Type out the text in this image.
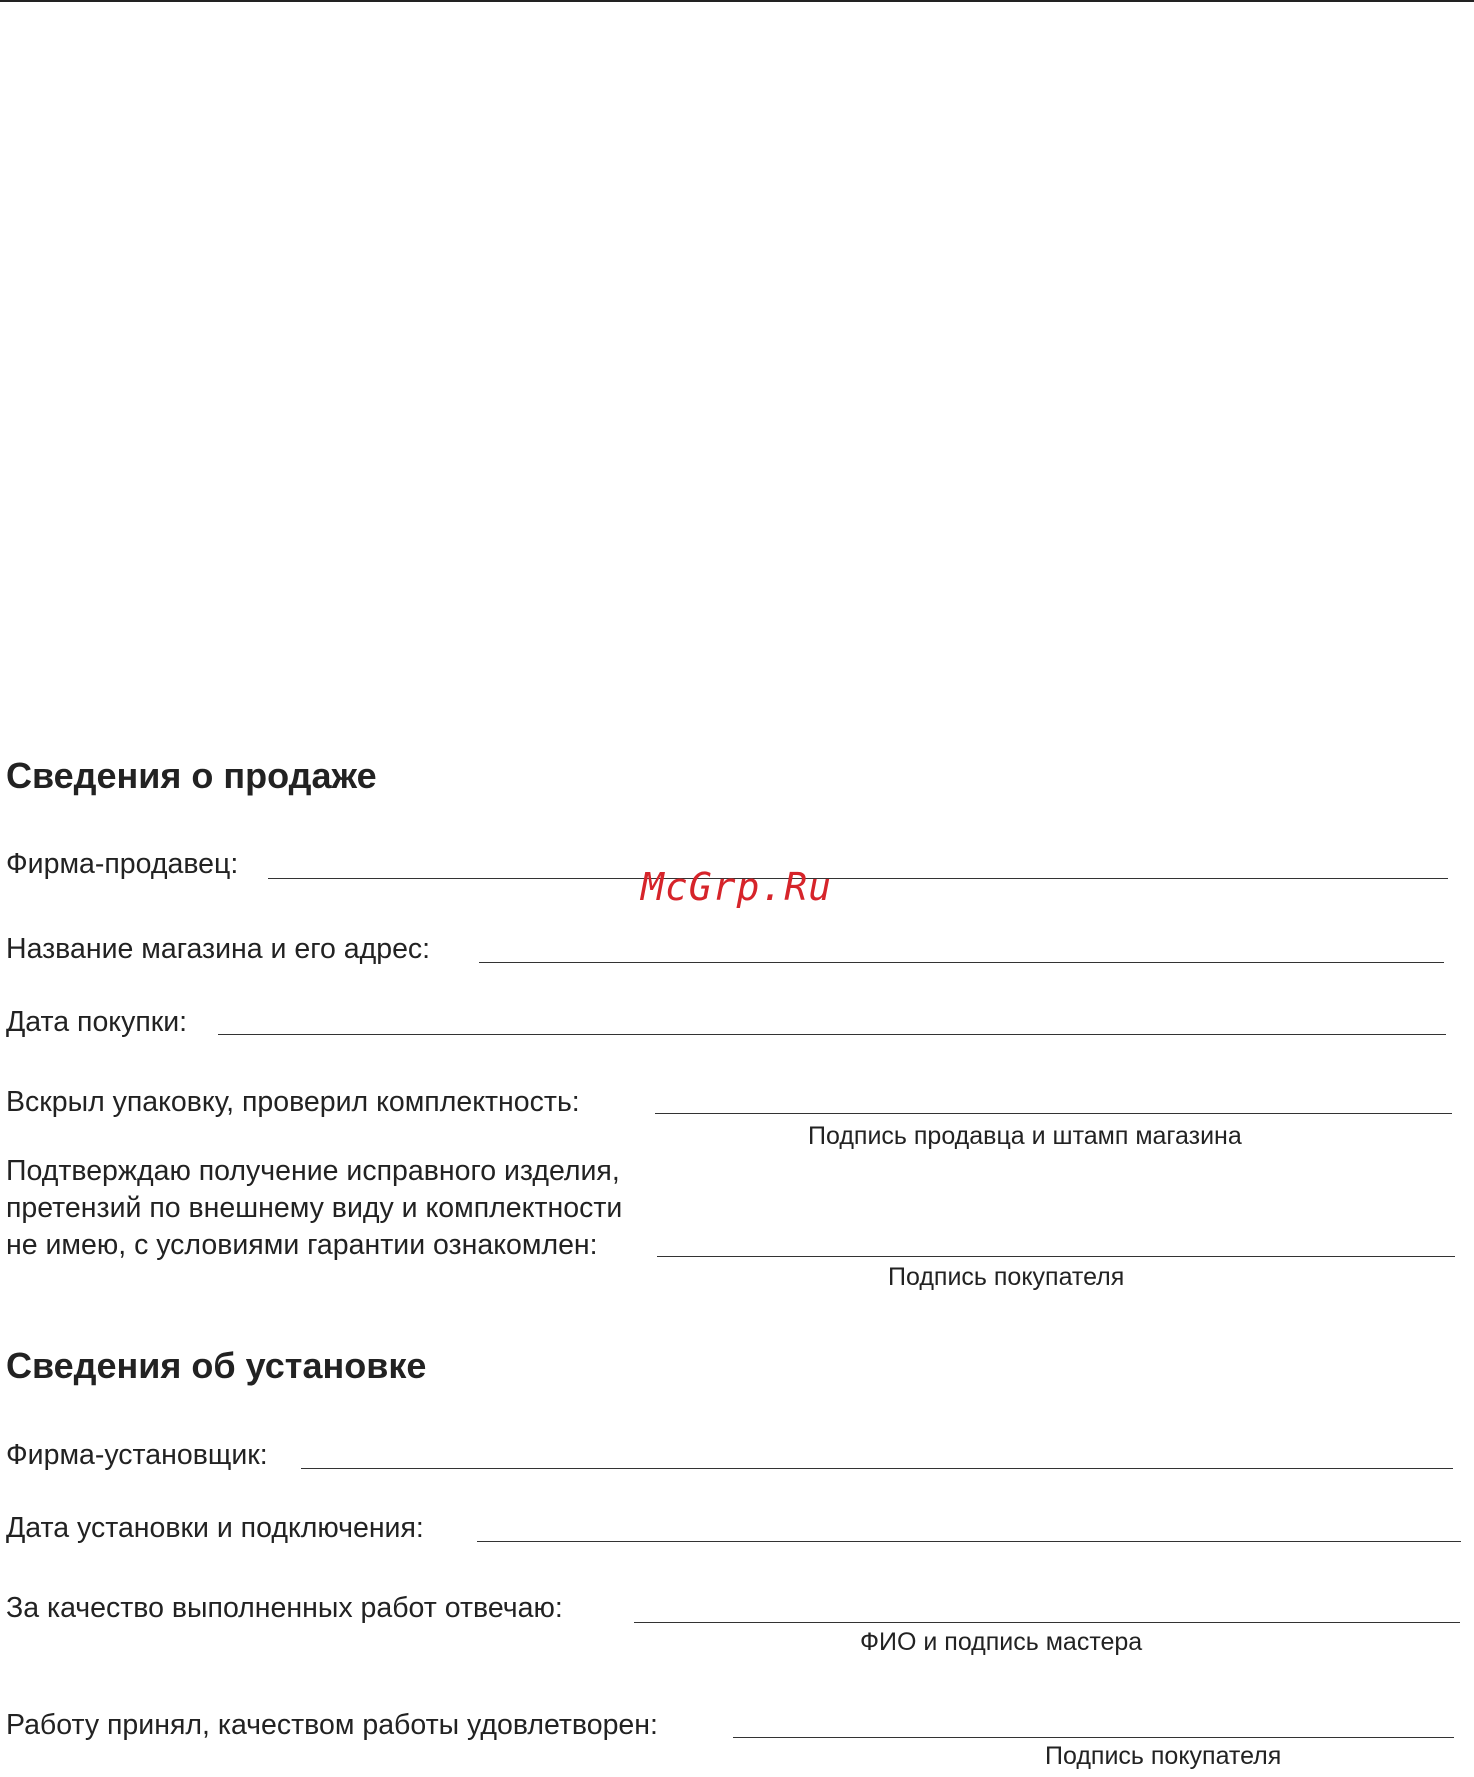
Сведения о продаже
Фирма-продавец:
Название магазина и его адрес:
Дата покупки:
Вскрыл упаковку, проверил комплектность:
Подпись продавца и штамп магазина
Подтверждаю получение исправного изделия,
претензий по внешнему виду и комплектности
не имею, с условиями гарантии ознакомлен:
Подпись покупателя
Сведения об установке
Фирма-установщик:
Дата установки и подключения:
За качество выполненных работ отвечаю:
ФИО и подпись мастера
Работу принял, качеством работы удовлетворен:
Подпись покупателя
McGrp.Ru
